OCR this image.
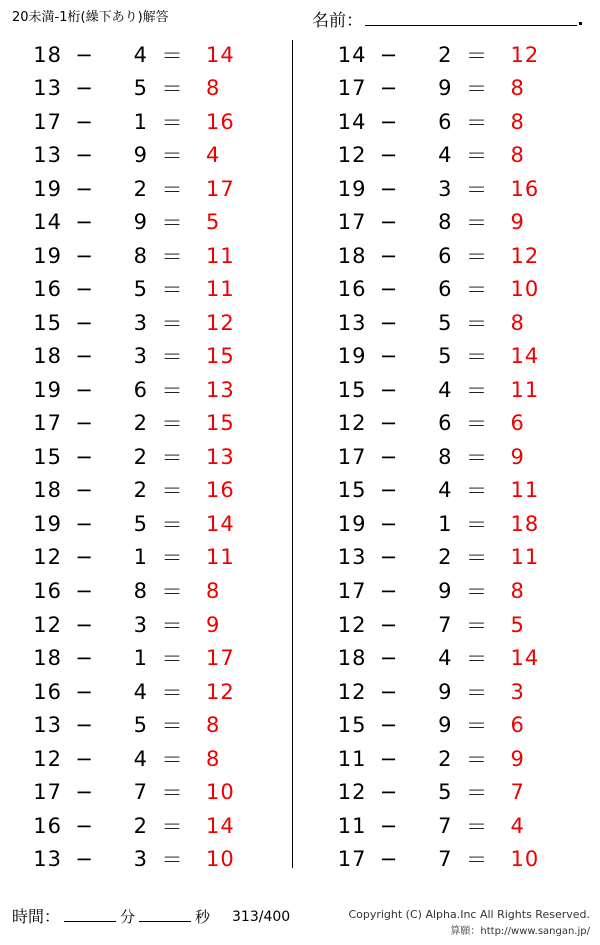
20未満-1桁(繰下あり)解答	名前 ：
18 −	4 ＝	14
13 −	5 ＝	8
17 −	1 ＝	16
13 −	9 ＝	4
19 −	2 ＝	17
14 −	9 ＝	5
19 −	8 ＝	11
16 −	5 ＝	11
15 −	3 ＝	12
18 −	3 ＝	15
19 −	6 ＝	13
17 −	2 ＝	15
15 −	2 ＝	13
18 −	2 ＝	16
19 −	5 ＝	14
12 −	1 ＝	11
16 −	8 ＝	8
12 −	3 ＝	9
18 −	1 ＝	17
16 −	4 ＝	12
13 −	5 ＝	8
12 −	4 ＝	8
17 −	7 ＝	10
16 −	2 ＝	14
13 −	3 ＝	10
14 −	2 ＝	12
17 −	9 ＝	8
14 −	6 ＝	8
12 −	4 ＝	8
19 −	3 ＝	16
17 −	8 ＝	9
18 −	6 ＝	12
16 −	6 ＝	10
13 −	5 ＝	8
19 −	5 ＝	14
15 −	4 ＝	11
12 −	6 ＝	6
17 −	8 ＝	9
15 −	4 ＝	11
19 −	1 ＝	18
13 −	2 ＝	11
17 −	9 ＝	8
12 −	7 ＝	5
18 −	4 ＝	14
12 −	9 ＝	3
15 −	9 ＝	6
11 −	2 ＝	9
12 −	5 ＝	7
11 −	7 ＝	4
17 −	7 ＝	10
時間：	分	秒 313/400	Copyright (C) Alpha.Inc All Rights Reserved.
算願：http://www.sangan.jp/
